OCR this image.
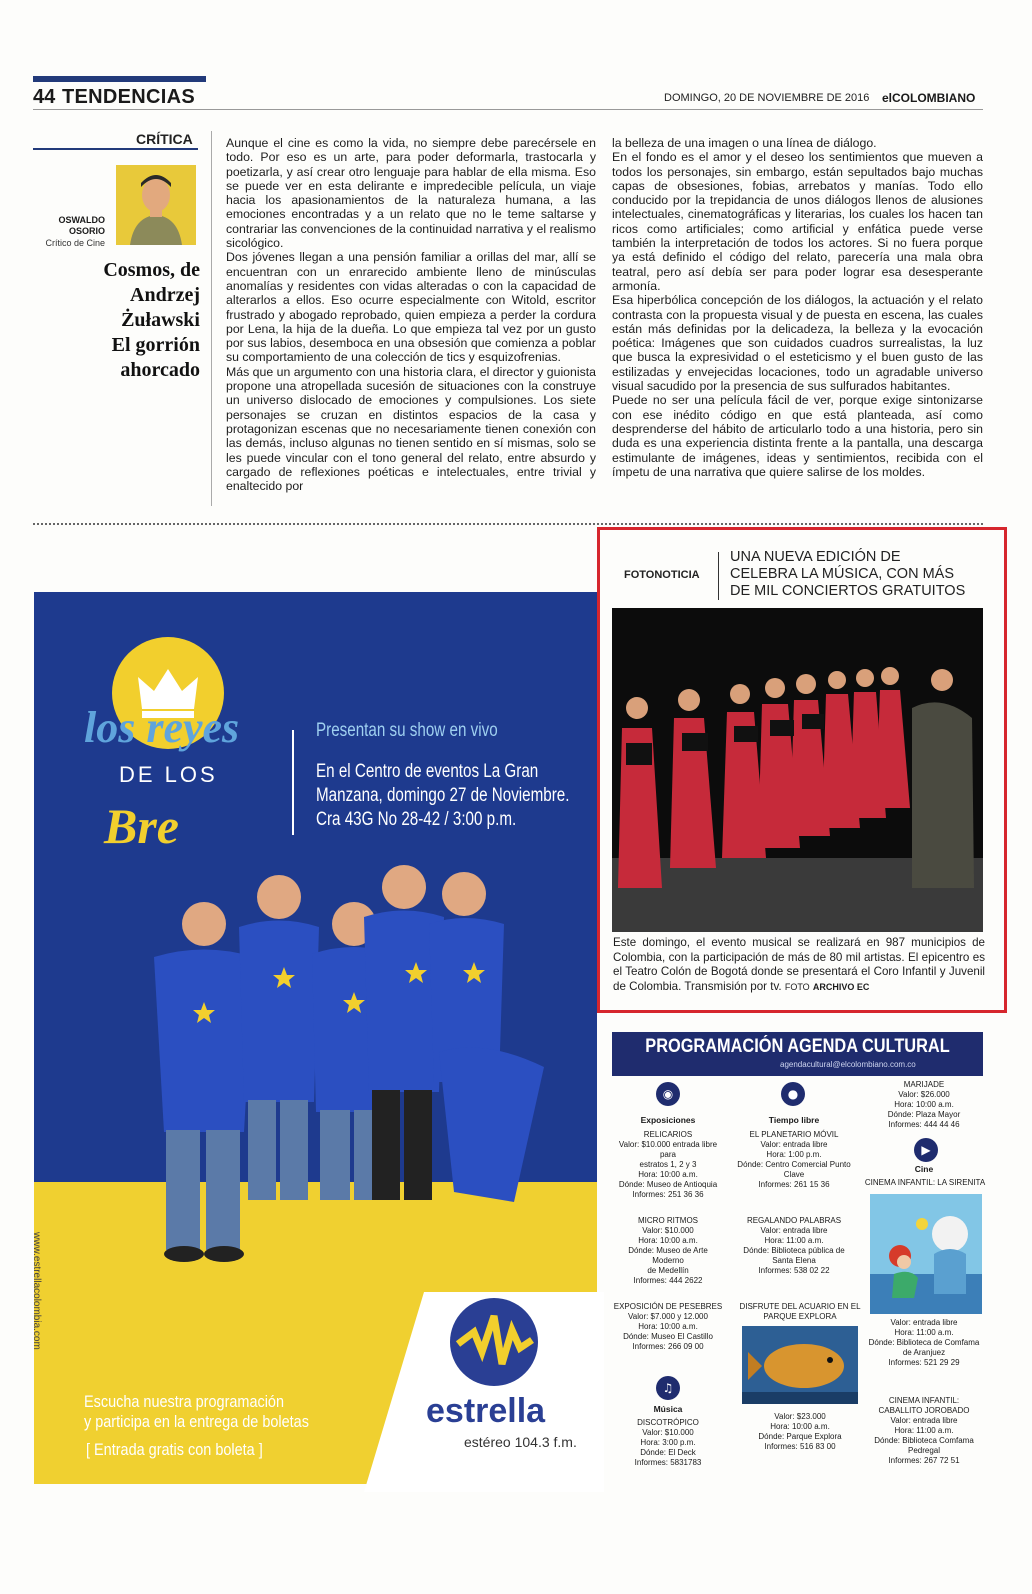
44 TENDENCIAS	DOMINGO, 20 DE NOVIEMBRE DE 2016 elCOLOMBIANO
CRÍTICA
OSWALDO
OSORIO
Crítico de Cine
Cosmos, de
Andrzej
Żuławski
El gorrión
ahorcado

Aunque el cine es como la vida, no siempre debe parecérsele en todo. Por eso es un arte, para poder deformarla, trastocarla y poetizarla, y así crear otro lenguaje para hablar de ella misma. Eso se puede ver en esta delirante e impredecible película, un viaje hacia los apasionamientos de la naturaleza humana, a las emociones encontradas y a un relato que no le teme saltarse y contrariar las convenciones de la continuidad narrativa y el realismo sicológico.

Dos jóvenes llegan a una pensión familiar a orillas del mar, allí se encuentran con un enrarecido ambiente lleno de minúsculas anomalías y residentes con vidas alteradas o con la capacidad de alterarlos a ellos. Eso ocurre especialmente con Witold, escritor frustrado y abogado reprobado, quien empieza a perder la cordura por Lena, la hija de la dueña. Lo que empieza tal vez por un gusto por sus labios, desemboca en una obsesión que comienza a poblar su comportamiento de una colección de tics y esquizofrenias.

Más que un argumento con una historia clara, el director y guionista propone una atropellada sucesión de situaciones con la construye un universo dislocado de emociones y compulsiones. Los siete personajes se cruzan en distintos espacios de la casa y protagonizan escenas que no necesariamente tienen conexión con las demás, incluso algunas no tienen sentido en sí mismas, solo se les puede vincular con el tono general del relato, entre absurdo y cargado de reflexiones poéticas e intelectuales, entre trivial y enaltecido por

la belleza de una imagen o una línea de diálogo.

En el fondo es el amor y el deseo los sentimientos que mueven a todos los personajes, sin embargo, están sepultados bajo muchas capas de obsesiones, fobias, arrebatos y manías. Todo ello conducido por la trepidancia de unos diálogos llenos de alusiones intelectuales, cinematográficas y literarias, los cuales los hacen tan ricos como artificiales; como artificial y enfática puede verse también la interpretación de todos los actores. Si no fuera porque ya está definido el código del relato, parecería una mala obra teatral, pero así debía ser para poder lograr esa desesperante armonía.

Esa hiperbólica concepción de los diálogos, la actuación y el relato contrasta con la propuesta visual y de puesta en escena, las cuales están más definidas por la delicadeza, la belleza y la evocación poética: Imágenes que son cuidados cuadros surrealistas, la luz que busca la expresividad o el esteticismo y el buen gusto de las estilizadas y envejecidas locaciones, todo un agradable universo visual sacudido por la presencia de sus sulfurados habitantes.

Puede no ser una película fácil de ver, porque exige sintonizarse con ese inédito código en que está planteada, así como desprenderse del hábito de articularlo todo a una historia, pero sin duda es una experiencia distinta frente a la pantalla, una descarga estimulante de imágenes, ideas y sentimientos, recibida con el ímpetu de una narrativa que quiere salirse de los moldes.

los reyes
DE LOS
Bre
Presentan su show en vivo
En el Centro de eventos La Gran
Manzana, domingo 27 de Noviembre.
Cra 43G No 28-42 / 3:00 p.m.
www.estrellacolombia.com
estrella
estéreo 104.3 f.m.
Escucha nuestra programación
y participa en la entrega de boletas
[ Entrada gratis con boleta ]
FOTONOTICIA
UNA NUEVA EDICIÓN DE
CELEBRA LA MÚSICA, CON MÁS
DE MIL CONCIERTOS GRATUITOS
Este domingo, el evento musical se realizará en 987 municipios de Colombia, con la participación de más de 80 mil artistas. El epicentro es el Teatro Colón de Bogotá donde se presentará el Coro Infantil y Juvenil de Colombia. Transmisión por tv. FOTO ARCHIVO EC
PROGRAMACIÓN AGENDA CULTURAL
agendacultural@elcolombiano.com.co
◉
Exposiciones
RELICARIOS
Valor: $10.000 entrada libre para
estratos 1, 2 y 3
Hora: 10:00 a.m.
Dónde: Museo de Antioquia
Informes: 251 36 36
MICRO RITMOS
Valor: $10.000
Hora: 10:00 a.m.
Dónde: Museo de Arte Moderno
de Medellín
Informes: 444 2622
EXPOSICIÓN DE PESEBRES
Valor: $7.000 y 12.000
Hora: 10:00 a.m.
Dónde: Museo El Castillo
Informes: 266 09 00
♫
Música
DISCOTRÓPICO
Valor: $10.000
Hora: 3:00 p.m.
Dónde: El Deck
Informes: 5831783
●
Tiempo libre
EL PLANETARIO MÓVIL
Valor: entrada libre
Hora: 1:00 p.m.
Dónde: Centro Comercial Punto
Clave
Informes: 261 15 36
REGALANDO PALABRAS
Valor: entrada libre
Hora: 11:00 a.m.
Dónde: Biblioteca pública de
Santa Elena
Informes: 538 02 22
DISFRUTE DEL ACUARIO EN EL PARQUE EXPLORA
Valor: $23.000
Hora: 10:00 a.m.
Dónde: Parque Explora
Informes: 516 83 00
MARIJADE
Valor: $26.000
Hora: 10:00 a.m.
Dónde: Plaza Mayor
Informes: 444 44 46
▶
Cine
CINEMA INFANTIL: LA SIRENITA
Valor: entrada libre
Hora: 11:00 a.m.
Dónde: Biblioteca de Comfama
de Aranjuez
Informes: 521 29 29
CINEMA INFANTIL: CABALLITO JOROBADO
Valor: entrada libre
Hora: 11:00 a.m.
Dónde: Biblioteca Comfama
Pedregal
Informes: 267 72 51
